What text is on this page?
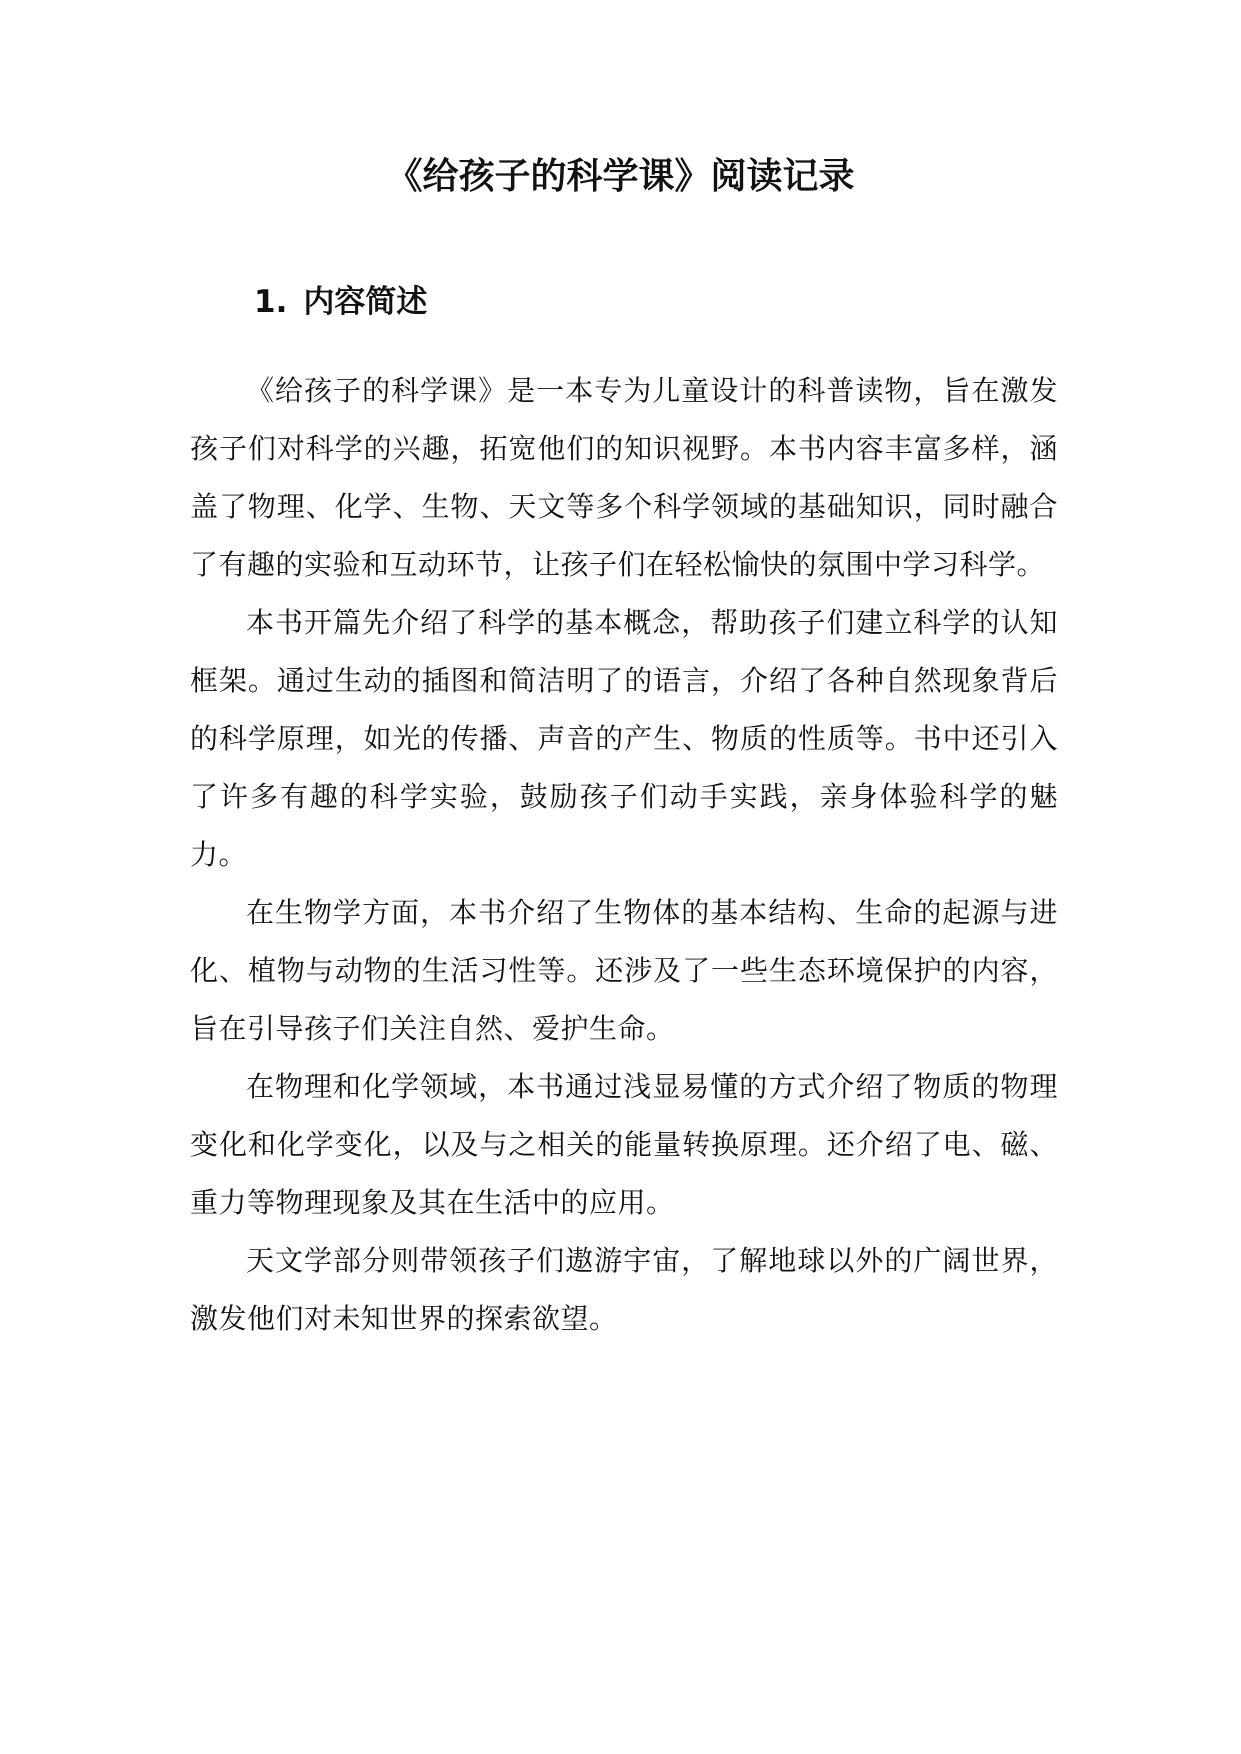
《给孩子的科学课》阅读记录
1. 内容简述

《给孩子的科学课》是一本专为儿童设计的科普读物，旨在激发孩子们对科学的兴趣，拓宽他们的知识视野。本书内容丰富多样，涵盖了物理、化学、生物、天文等多个科学领域的基础知识，同时融合了有趣的实验和互动环节，让孩子们在轻松愉快的氛围中学习科学。

本书开篇先介绍了科学的基本概念，帮助孩子们建立科学的认知框架。通过生动的插图和简洁明了的语言，介绍了各种自然现象背后的科学原理，如光的传播、声音的产生、物质的性质等。书中还引入了许多有趣的科学实验，鼓励孩子们动手实践，亲身体验科学的魅力。

在生物学方面，本书介绍了生物体的基本结构、生命的起源与进化、植物与动物的生活习性等。还涉及了一些生态环境保护的内容，旨在引导孩子们关注自然、爱护生命。

在物理和化学领域，本书通过浅显易懂的方式介绍了物质的物理变化和化学变化，以及与之相关的能量转换原理。还介绍了电、磁、重力等物理现象及其在生活中的应用。

天文学部分则带领孩子们遨游宇宙，了解地球以外的广阔世界，激发他们对未知世界的探索欲望。
